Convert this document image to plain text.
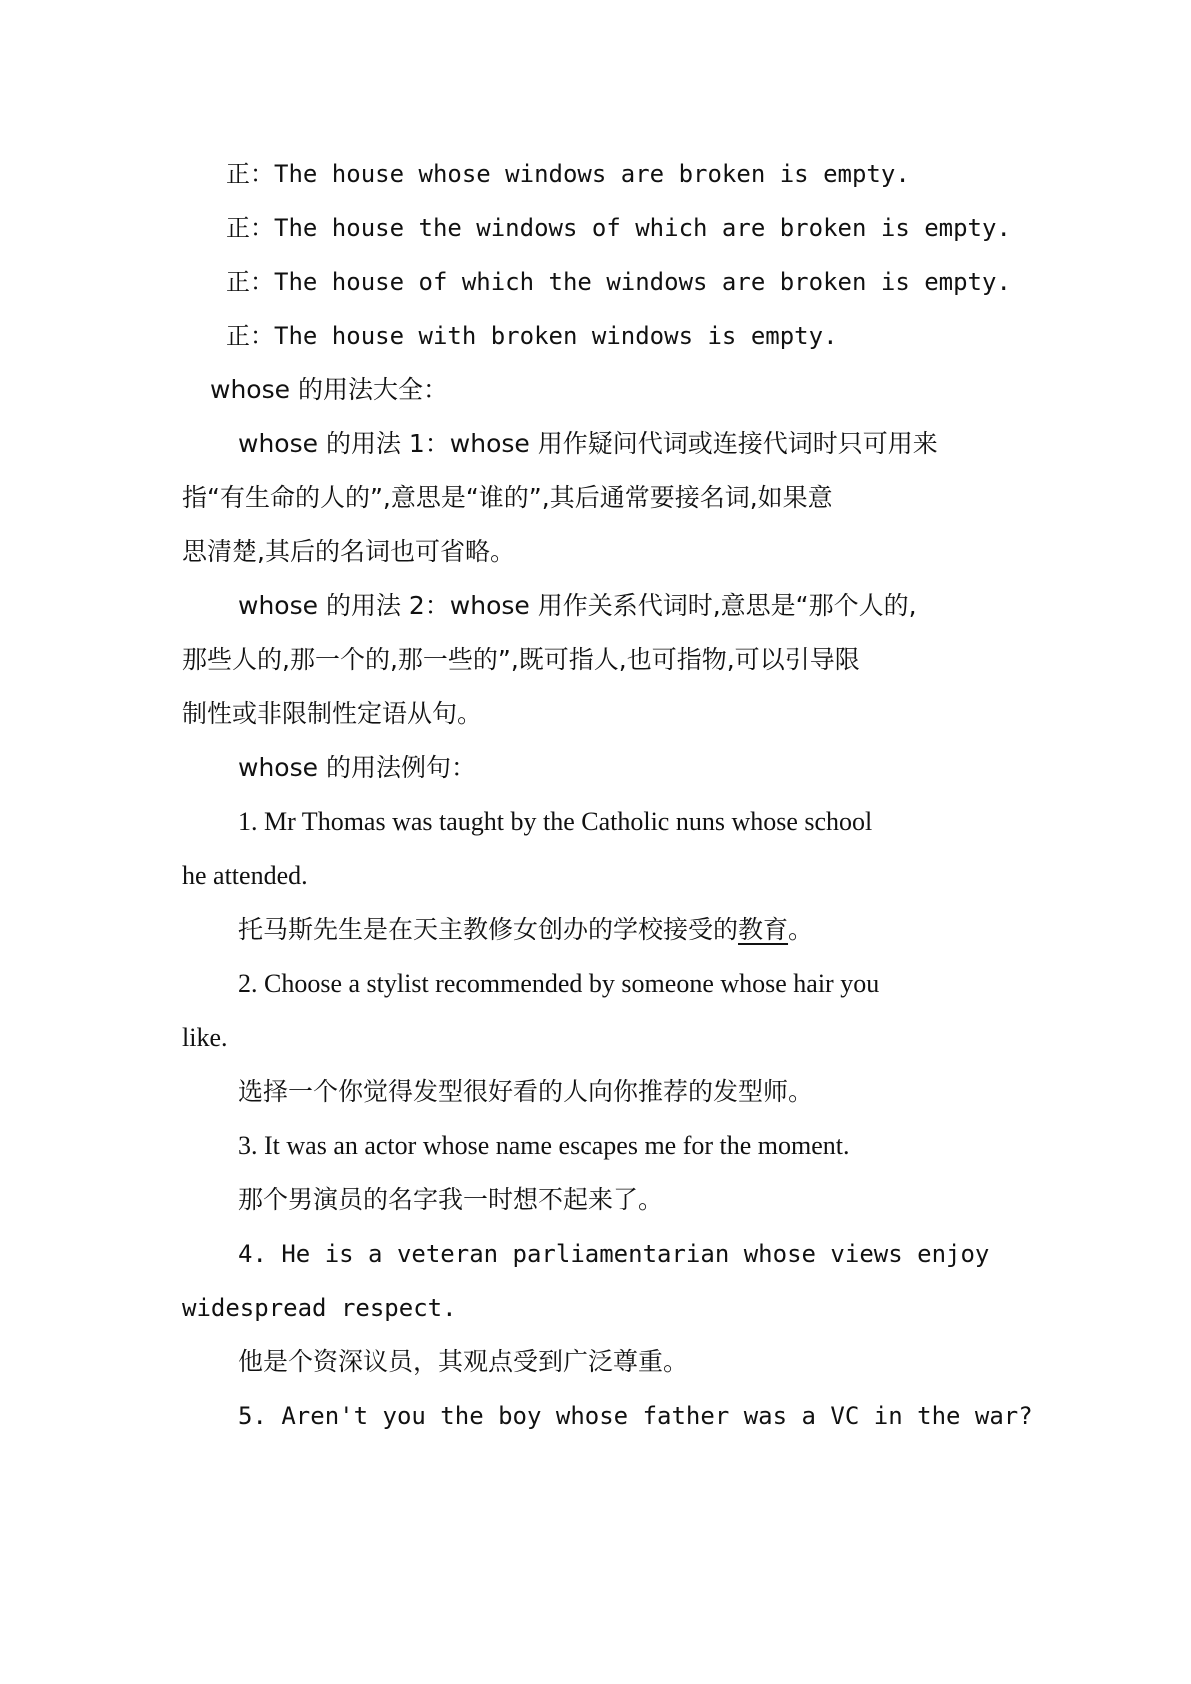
正：The house whose windows are broken is empty.
正：The house the windows of which are broken is empty.
正：The house of which the windows are broken is empty.
正：The house with broken windows is empty.
whose 的用法大全：
whose 的用法 1：whose 用作疑问代词或连接代词时只可用来
指“有生命的人的”,意思是“谁的”,其后通常要接名词,如果意
思清楚,其后的名词也可省略。
whose 的用法 2：whose 用作关系代词时,意思是“那个人的,
那些人的,那一个的,那一些的”,既可指人,也可指物,可以引导限
制性或非限制性定语从句。
whose 的用法例句：
1. Mr Thomas was taught by the Catholic nuns whose school
he attended.
托马斯先生是在天主教修女创办的学校接受的教育。
2. Choose a stylist recommended by someone whose hair you
like.
选择一个你觉得发型很好看的人向你推荐的发型师。
3. It was an actor whose name escapes me for the moment.
那个男演员的名字我一时想不起来了。
4. He is a veteran parliamentarian whose views enjoy
widespread respect.
他是个资深议员，其观点受到广泛尊重。
5. Aren't you the boy whose father was a VC in the war?
